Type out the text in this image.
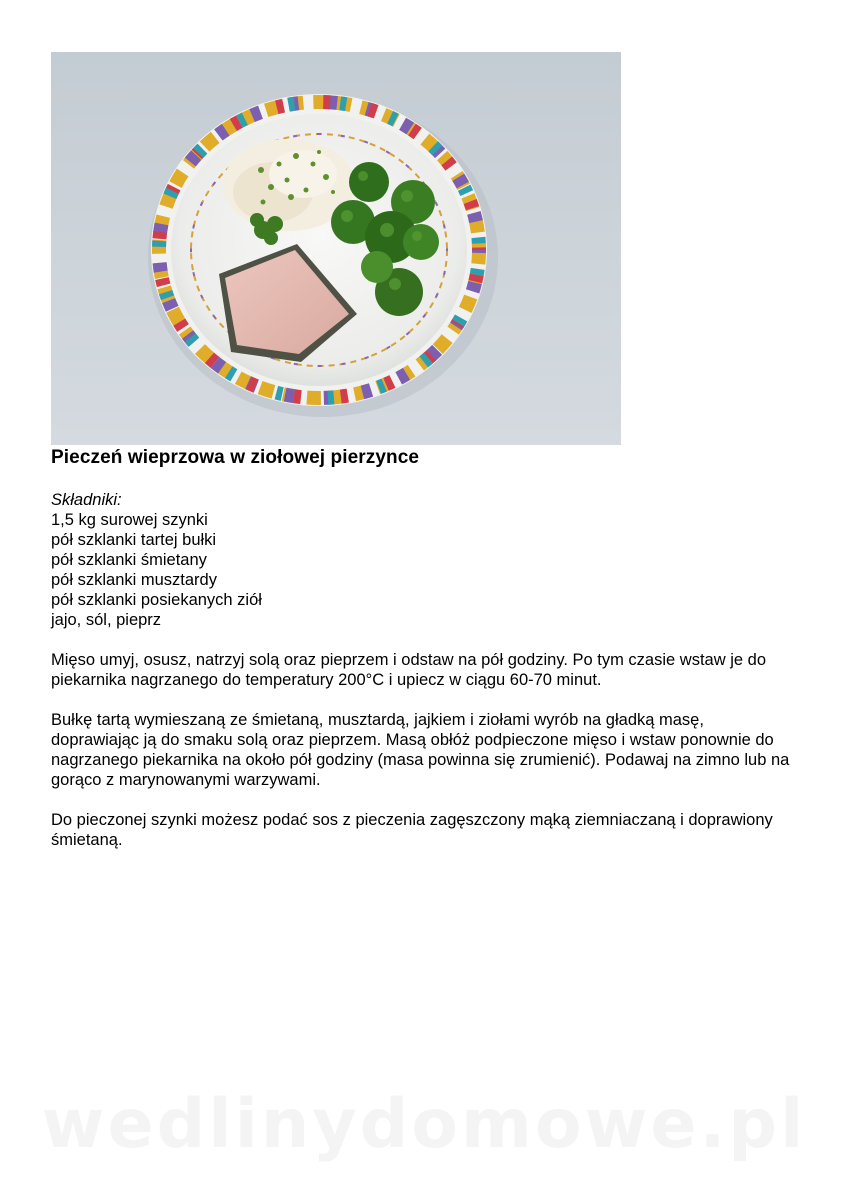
Pieczeń wieprzowa w ziołowej pierzynce
Składniki:
1,5 kg surowej szynki
pół szklanki tartej bułki
pół szklanki śmietany
pół szklanki musztardy
pół szklanki posiekanych ziół
jajo, sól, pieprz

Mięso umyj, osusz, natrzyj solą oraz pieprzem i odstaw na pół godziny. Po tym czasie wstaw je do piekarnika nagrzanego do temperatury 200°C i upiecz w ciągu 60-70 minut.

Bułkę tartą wymieszaną ze śmietaną, musztardą, jajkiem i ziołami wyrób na gładką masę, doprawiając ją do smaku solą oraz pieprzem. Masą obłóż podpieczone mięso i wstaw ponownie do nagrzanego piekarnika na około pół godziny (masa powinna się zrumienić). Podawaj na zimno lub na gorąco z marynowanymi warzywami.

Do pieczonej szynki możesz podać sos z pieczenia zagęszczony mąką ziemniaczaną i doprawiony śmietaną.

wedlinydomowe.pl
